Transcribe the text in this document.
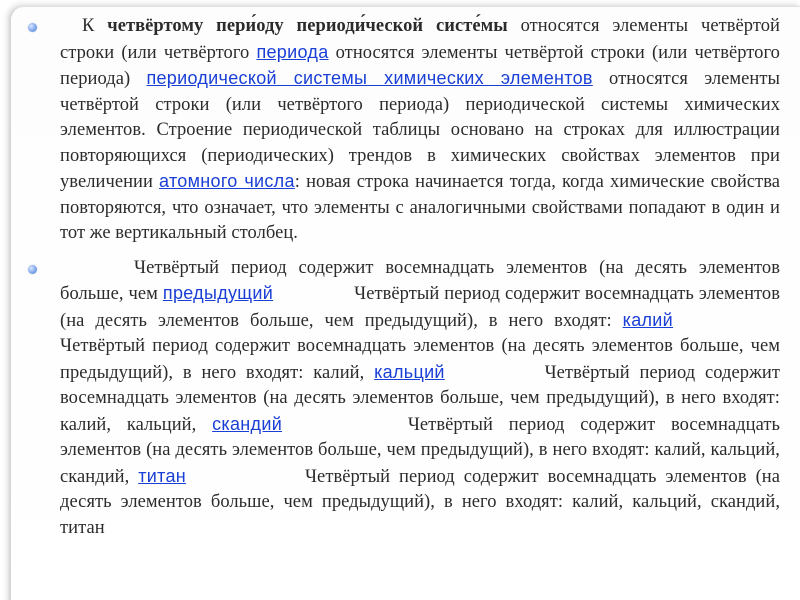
К четвёртому пери́оду периоди́ческой систе́мы относятся элементы четвёртой строки (или четвёртого периода относятся элементы четвёртой строки (или четвёртого периода) периодической системы химических элементов относятся элементы четвёртой строки (или четвёртого периода) периодической системы химических элементов. Строение периодической таблицы основано на строках для иллюстрации повторяющихся (периодических) трендов в химических свойствах элементов при увеличении атомного числа: новая строка начинается тогда, когда химические свойства повторяются, что означает, что элементы с аналогичными свойствами попадают в один и тот же вертикальный столбец.

Четвёртый период содержит восемнадцать элементов (на десять элементов больше, чем предыдущий	Четвёртый период содержит восемнадцать элементов (на десять элементов больше, чем предыдущий), в него входят: калий Четвёртый период содержит восемнадцать элементов (на десять элементов больше, чем предыдущий), в него входят: калий, кальций	Четвёртый период содержит восемнадцать элементов (на десять элементов больше, чем предыдущий), в него входят: калий, кальций, скандий	Четвёртый период содержит восемнадцать элементов (на десять элементов больше, чем предыдущий), в него входят: калий, кальций, скандий, титан	Четвёртый период содержит восемнадцать элементов (на десять элементов больше, чем предыдущий), в него входят: калий, кальций, скандий, титан
